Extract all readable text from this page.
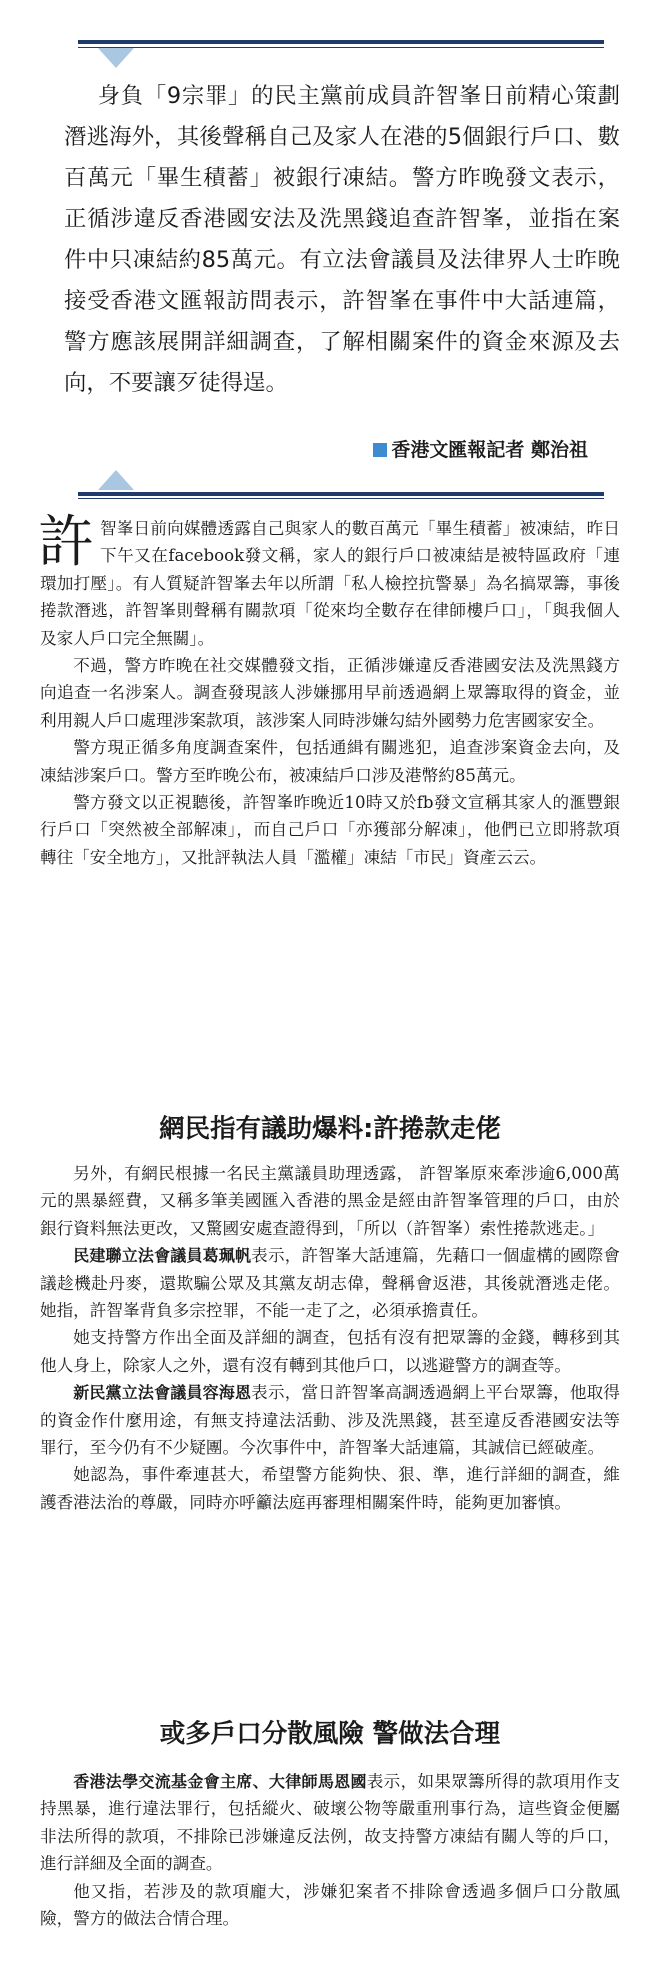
身負「9宗罪」的民主黨前成員許智峯日前精心策劃潛逃海外，其後聲稱自己及家人在港的5個銀行戶口、數百萬元「畢生積蓄」被銀行凍結。警方昨晚發文表示，正循涉違反香港國安法及洗黑錢追查許智峯，並指在案件中只凍結約85萬元。有立法會議員及法律界人士昨晚接受香港文匯報訪問表示，許智峯在事件中大話連篇，警方應該展開詳細調查，了解相關案件的資金來源及去向，不要讓歹徒得逞。

香港文匯報記者 鄭治祖

許智峯日前向媒體透露自己與家人的數百萬元「畢生積蓄」被凍結，昨日下午又在facebook發文稱，家人的銀行戶口被凍結是被特區政府「連環加打壓」。有人質疑許智峯去年以所謂「私人檢控抗警暴」為名搞眾籌，事後捲款潛逃，許智峯則聲稱有關款項「從來均全數存在律師樓戶口」，「與我個人及家人戶口完全無關」。

不過，警方昨晚在社交媒體發文指，正循涉嫌違反香港國安法及洗黑錢方向追查一名涉案人。調查發現該人涉嫌挪用早前透過網上眾籌取得的資金，並利用親人戶口處理涉案款項，該涉案人同時涉嫌勾結外國勢力危害國家安全。

警方現正循多角度調查案件，包括通緝有關逃犯，追查涉案資金去向，及凍結涉案戶口。警方至昨晚公布，被凍結戶口涉及港幣約85萬元。

警方發文以正視聽後，許智峯昨晚近10時又於fb發文宣稱其家人的滙豐銀行戶口「突然被全部解凍」，而自己戶口「亦獲部分解凍」，他們已立即將款項轉往「安全地方」，又批評執法人員「濫權」凍結「市民」資產云云。

網民指有議助爆料:許捲款走佬

另外，有網民根據一名民主黨議員助理透露， 許智峯原來牽涉逾6,000萬元的黑暴經費，又稱多筆美國匯入香港的黑金是經由許智峯管理的戶口，由於銀行資料無法更改，又驚國安處查證得到，「所以（許智峯）索性捲款逃走。」

民建聯立法會議員葛珮帆表示，許智峯大話連篇，先藉口一個虛構的國際會議趁機赴丹麥，還欺騙公眾及其黨友胡志偉，聲稱會返港，其後就潛逃走佬。她指，許智峯背負多宗控罪，不能一走了之，必須承擔責任。

她支持警方作出全面及詳細的調查，包括有沒有把眾籌的金錢，轉移到其他人身上，除家人之外，還有沒有轉到其他戶口，以逃避警方的調查等。

新民黨立法會議員容海恩表示，當日許智峯高調透過網上平台眾籌，他取得的資金作什麼用途，有無支持違法活動、涉及洗黑錢，甚至違反香港國安法等罪行，至今仍有不少疑團。今次事件中，許智峯大話連篇，其誠信已經破產。

她認為，事件牽連甚大，希望警方能夠快、狠、準，進行詳細的調查，維護香港法治的尊嚴，同時亦呼籲法庭再審理相關案件時，能夠更加審慎。

或多戶口分散風險 警做法合理

香港法學交流基金會主席、大律師馬恩國表示，如果眾籌所得的款項用作支持黑暴，進行違法罪行，包括縱火、破壞公物等嚴重刑事行為，這些資金便屬非法所得的款項，不排除已涉嫌違反法例，故支持警方凍結有關人等的戶口，進行詳細及全面的調查。

他又指，若涉及的款項龐大，涉嫌犯案者不排除會透過多個戶口分散風險，警方的做法合情合理。
